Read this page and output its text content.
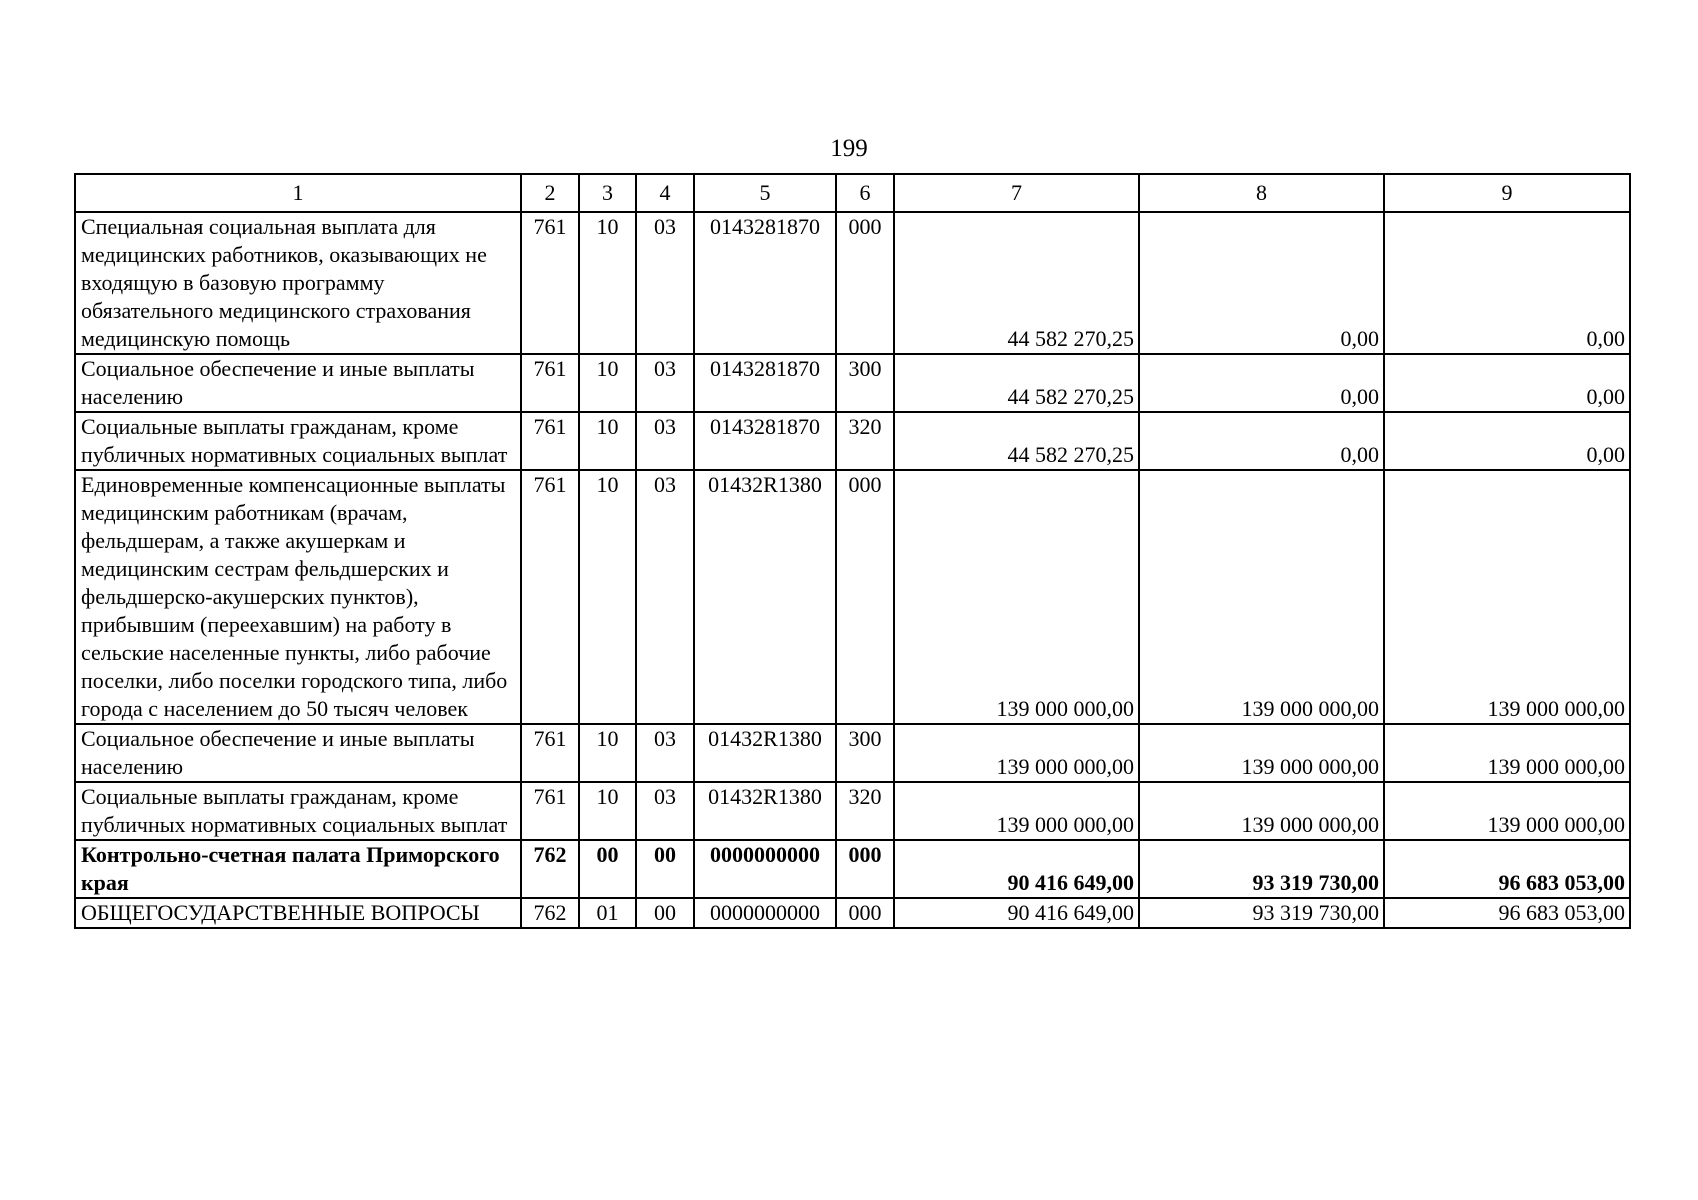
199
1	2	3	4	5	6	7	8	9
Специальная социальная выплата для медицинских работников, оказывающих не входящую в базовую программу обязательного медицинского страхования медицинскую помощь	761	10	03	0143281870	000	44 582 270,25	0,00	0,00
Социальное обеспечение и иные выплаты населению	761	10	03	0143281870	300	44 582 270,25	0,00	0,00
Социальные выплаты гражданам, кроме публичных нормативных социальных выплат	761	10	03	0143281870	320	44 582 270,25	0,00	0,00
Единовременные компенсационные выплаты медицинским работникам (врачам, фельдшерам, а также акушеркам и медицинским сестрам фельдшерских и фельдшерско-акушерских пунктов), прибывшим (переехавшим) на работу в сельские населенные пункты, либо рабочие поселки, либо поселки городского типа, либо города с населением до 50 тысяч человек	761	10	03	01432R1380	000	139 000 000,00	139 000 000,00	139 000 000,00
Социальное обеспечение и иные выплаты населению	761	10	03	01432R1380	300	139 000 000,00	139 000 000,00	139 000 000,00
Социальные выплаты гражданам, кроме публичных нормативных социальных выплат	761	10	03	01432R1380	320	139 000 000,00	139 000 000,00	139 000 000,00
Контрольно-счетная палата Приморского края	762	00	00	0000000000	000	90 416 649,00	93 319 730,00	96 683 053,00
ОБЩЕГОСУДАРСТВЕННЫЕ ВОПРОСЫ	762	01	00	0000000000	000	90 416 649,00	93 319 730,00	96 683 053,00
